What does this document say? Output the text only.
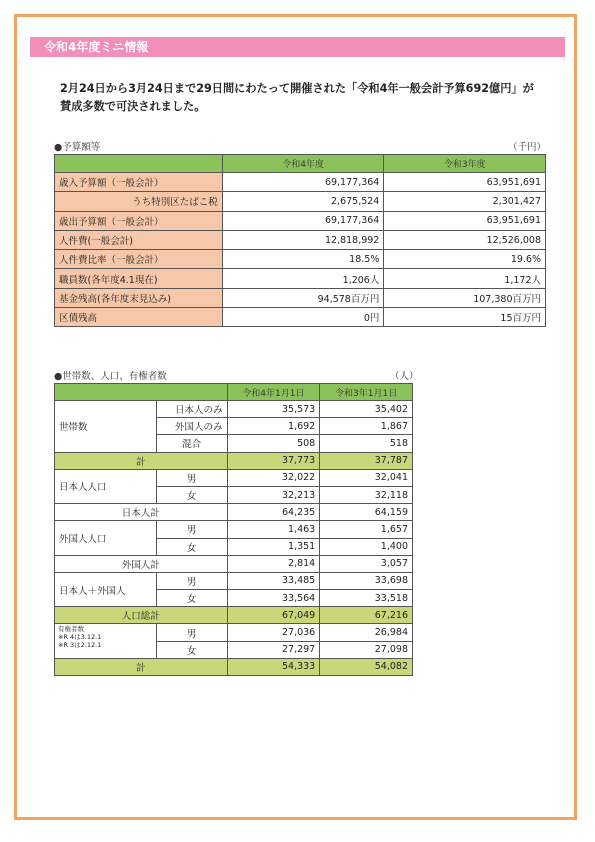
令和4年度ミニ情報

2月24日から3月24日まで29日間にわたって開催された「令和4年一般会計予算692億円」が
賛成多数で可決されました。

●予算額等	（千円）
	令和4年度	令和3年度
歳入予算額（一般会計）	69,177,364	63,951,691
うち特別区たばこ税	2,675,524	2,301,427
歳出予算額（一般会計）	69,177,364	63,951,691
人件費(一般会計)	12,818,992	12,526,008
人件費比率（一般会計）	18.5%	19.6%
職員数(各年度4.1現在)	1,206人	1,172人
基金残高(各年度末見込み)	94,578百万円	107,380百万円
区債残高	0円	15百万円
●世帯数、人口、有権者数	（人）
		令和4年1月1日	令和3年1月1日
世帯数	日本人のみ	35,573	35,402
	外国人のみ	1,692	1,867
	混合	508	518
計		37,773	37,787
日本人人口	男	32,022	32,041
	女	32,213	32,118
日本人計		64,235	64,159
外国人人口	男	1,463	1,657
	女	1,351	1,400
外国人計		2,814	3,057
日本人＋外国人	男	33,485	33,698
	女	33,564	33,518
人口総計		67,049	67,216

有権者数
※R 4は3.12.1
※R 3は2.12.1	男	27,036	26,984
	女	27,297	27,098
計		54,333	54,082
